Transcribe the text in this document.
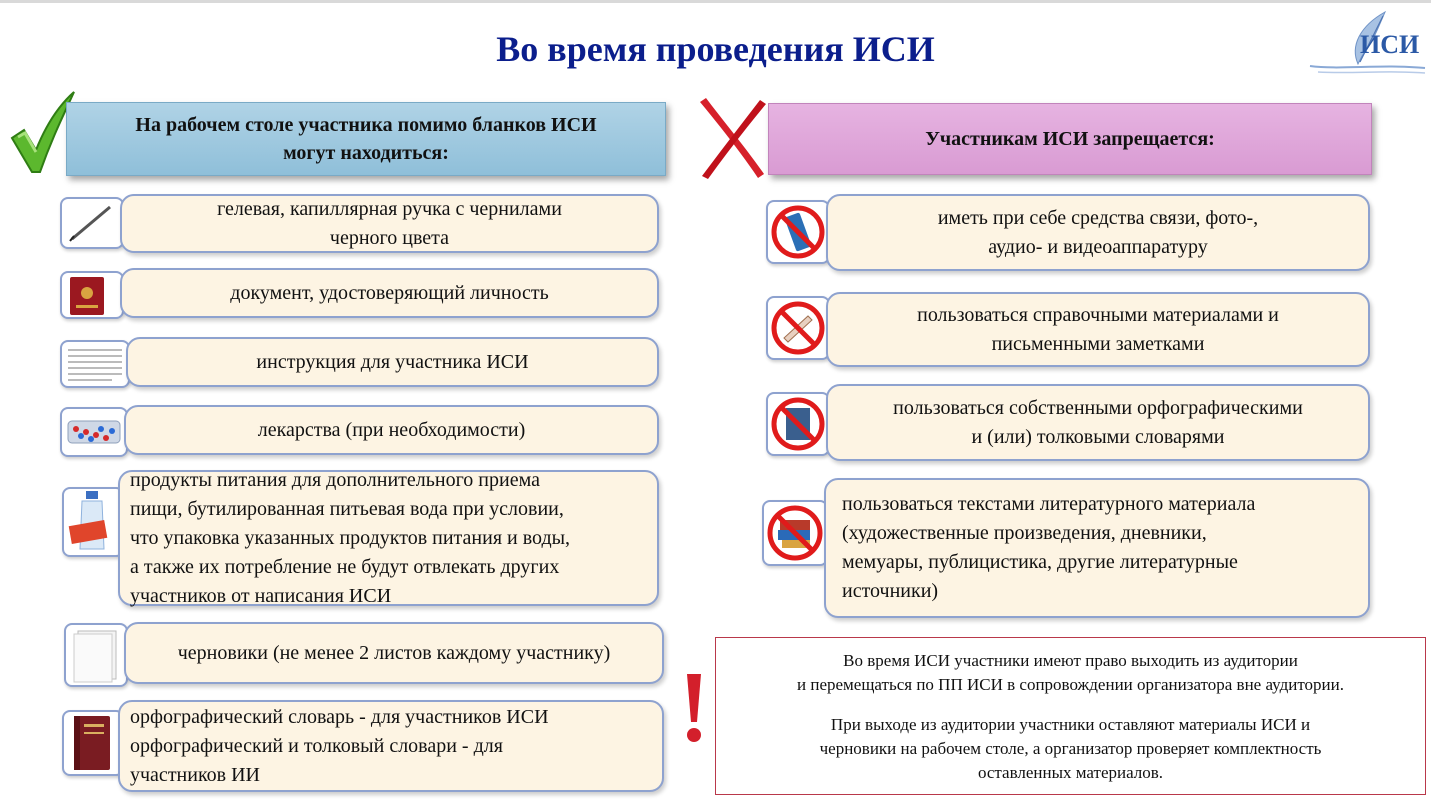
Во время проведения ИСИ	ИСИ
На рабочем столе участника помимо бланков ИСИ
могут находиться:
Участникам ИСИ запрещается:
гелевая, капиллярная ручка с чернилами
черного цвета
документ, удостоверяющий личность
инструкция для участника ИСИ
лекарства (при необходимости)
продукты питания для дополнительного приема
пищи, бутилированная питьевая вода при условии,
что упаковка указанных продуктов питания и воды,
а также их потребление не будут отвлекать других
участников от написания ИСИ
черновики (не менее 2 листов каждому участнику)
орфографический словарь - для участников ИСИ
орфографический и толковый словари - для
участников ИИ
иметь при себе средства связи, фото-,
аудио- и видеоаппаратуру
пользоваться справочными материалами и
письменными заметками
пользоваться собственными орфографическими
и (или) толковыми словарями
пользоваться текстами литературного материала
(художественные произведения, дневники,
мемуары, публицистика, другие литературные
источники)

Во время ИСИ участники имеют право выходить из аудитории

и перемещаться по ПП ИСИ в сопровождении организатора вне аудитории.

При выходе из аудитории участники оставляют материалы ИСИ и

черновики на рабочем столе, а организатор проверяет комплектность

оставленных материалов.
